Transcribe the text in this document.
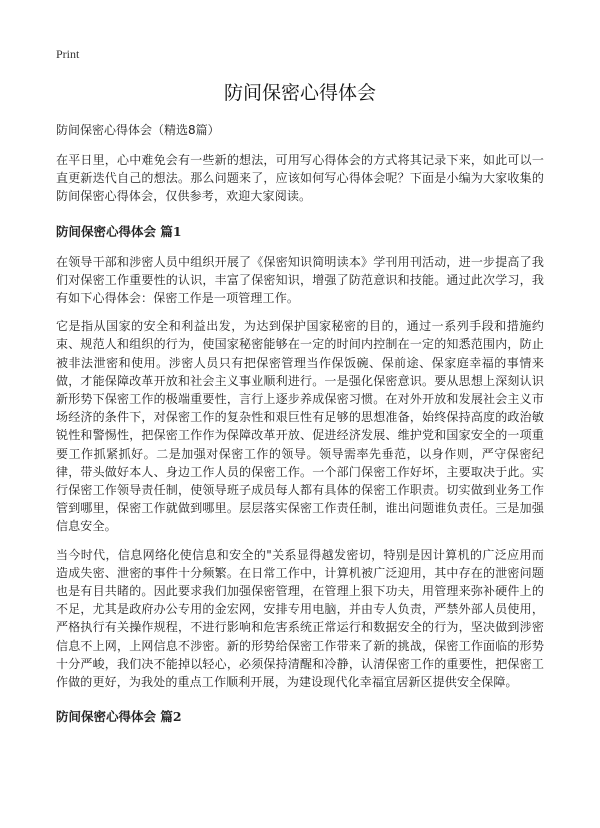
Print
防间保密心得体会
防间保密心得体会（精选8篇）

在平日里，心中难免会有一些新的想法，可用写心得体会的方式将其记录下来，如此可以一直更新迭代自己的想法。那么问题来了，应该如何写心得体会呢？下面是小编为大家收集的防间保密心得体会，仅供参考，欢迎大家阅读。

防间保密心得体会 篇1

在领导干部和涉密人员中组织开展了《保密知识简明读本》学刊用刊活动，进一步提高了我们对保密工作重要性的认识，丰富了保密知识，增强了防范意识和技能。通过此次学习，我有如下心得体会：保密工作是一项管理工作。

它是指从国家的安全和利益出发，为达到保护国家秘密的目的，通过一系列手段和措施约束、规范人和组织的行为，使国家秘密能够在一定的时间内控制在一定的知悉范围内，防止被非法泄密和使用。涉密人员只有把保密管理当作保饭碗、保前途、保家庭幸福的事情来做，才能保障改革开放和社会主义事业顺利进行。一是强化保密意识。要从思想上深刻认识新形势下保密工作的极端重要性，言行上逐步养成保密习惯。在对外开放和发展社会主义市场经济的条件下，对保密工作的复杂性和艰巨性有足够的思想准备，始终保持高度的政治敏锐性和警惕性，把保密工作作为保障改革开放、促进经济发展、维护党和国家安全的一项重要工作抓紧抓好。二是加强对保密工作的领导。领导需率先垂范，以身作则，严守保密纪律，带头做好本人、身边工作人员的保密工作。一个部门保密工作好坏，主要取决于此。实行保密工作领导责任制，使领导班子成员每人都有具体的保密工作职责。切实做到业务工作管到哪里，保密工作就做到哪里。层层落实保密工作责任制，谁出问题谁负责任。三是加强信息安全。

当今时代，信息网络化使信息和安全的"关系显得越发密切，特别是因计算机的广泛应用而造成失密、泄密的事件十分频繁。在日常工作中，计算机被广泛迎用，其中存在的泄密问题也是有目共睹的。因此要求我们加强保密管理，在管理上狠下功夫，用管理来弥补硬件上的不足，尤其是政府办公专用的金宏网，安排专用电脑，并由专人负责，严禁外部人员使用，严格执行有关操作规程，不进行影响和危害系统正常运行和数据安全的行为，坚决做到涉密信息不上网，上网信息不涉密。新的形势给保密工作带来了新的挑战，保密工作面临的形势十分严峻，我们决不能掉以轻心，必须保持清醒和冷静，认清保密工作的重要性，把保密工作做的更好，为我处的重点工作顺利开展，为建设现代化幸福宜居新区提供安全保障。

防间保密心得体会 篇2
